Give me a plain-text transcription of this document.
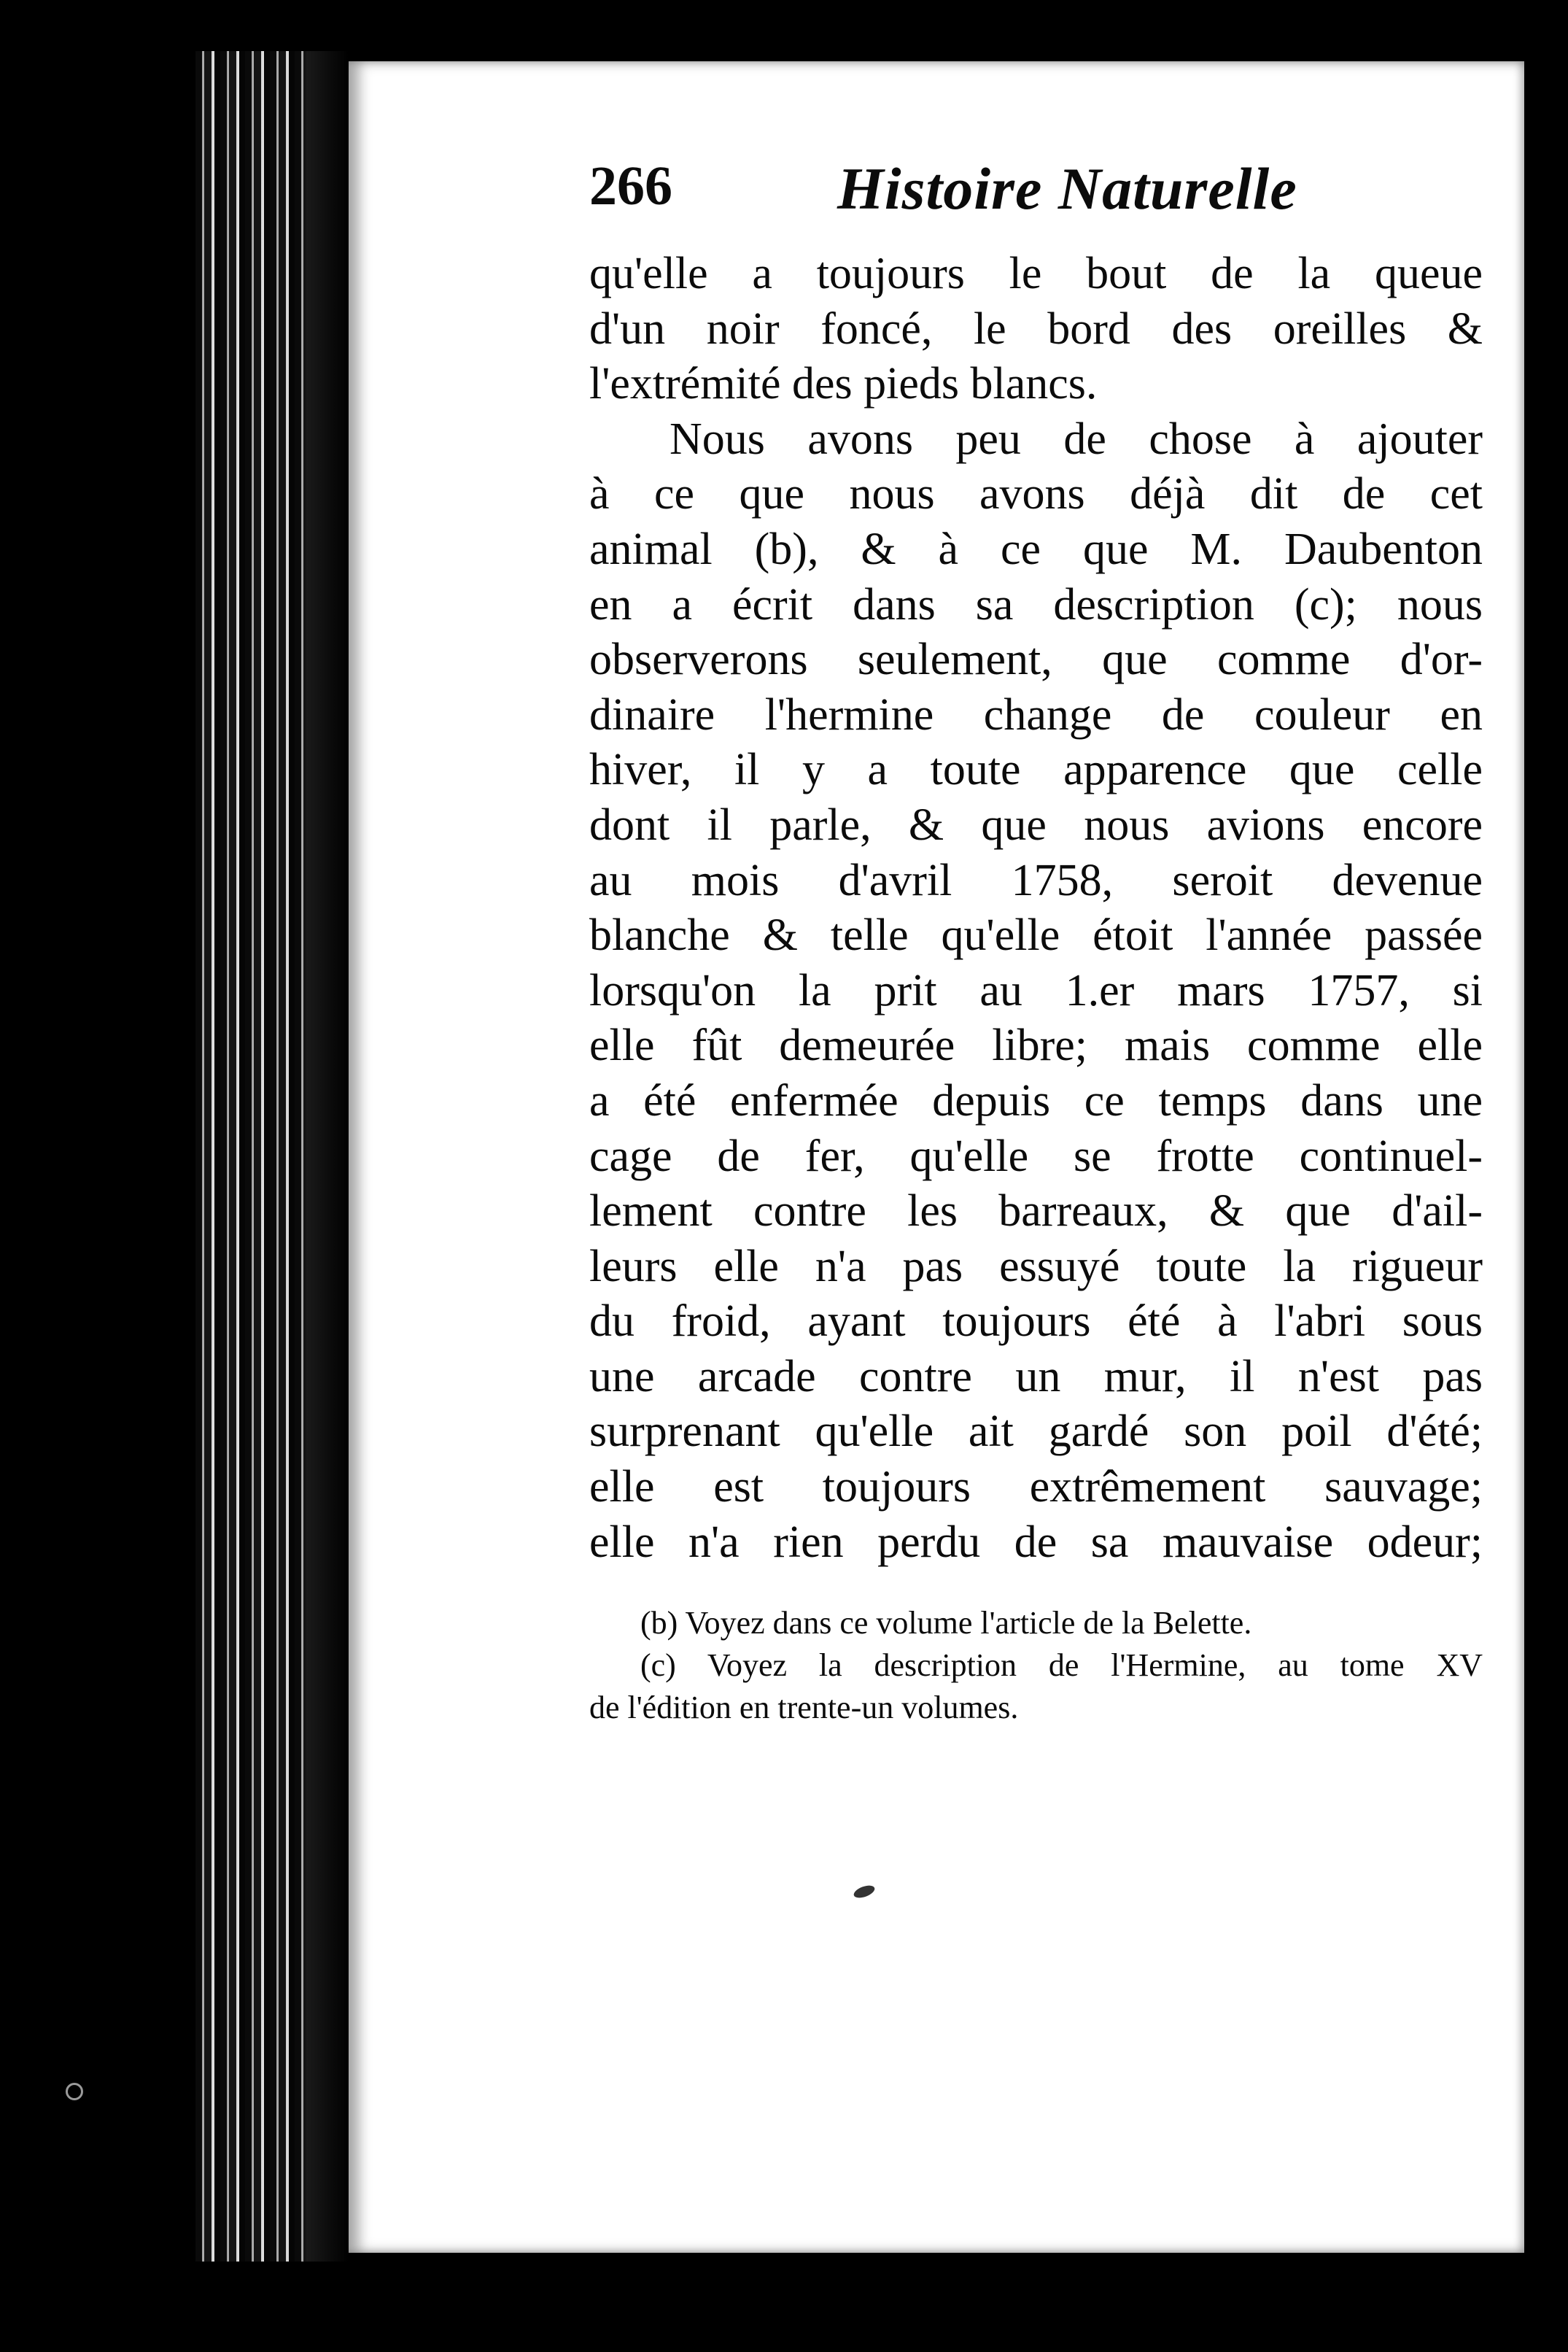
266	Histoire Naturelle
qu'elle a toujours le bout de la queue
d'un noir foncé, le bord des oreilles &
l'extrémité des pieds blancs.
Nous avons peu de chose à ajouter
à ce que nous avons déjà dit de cet
animal (b), & à ce que M. Daubenton
en a écrit dans sa description (c); nous
observerons seulement, que comme d'or-
dinaire l'hermine change de couleur en
hiver, il y a toute apparence que celle
dont il parle, & que nous avions encore
au mois d'avril 1758, seroit devenue
blanche & telle qu'elle étoit l'année passée
lorsqu'on la prit au 1.er mars 1757, si
elle fût demeurée libre; mais comme elle
a été enfermée depuis ce temps dans une
cage de fer, qu'elle se frotte continuel-
lement contre les barreaux, & que d'ail-
leurs elle n'a pas essuyé toute la rigueur
du froid, ayant toujours été à l'abri sous
une arcade contre un mur, il n'est pas
surprenant qu'elle ait gardé son poil d'été;
elle est toujours extrêmement sauvage;
elle n'a rien perdu de sa mauvaise odeur;
(b) Voyez dans ce volume l'article de la Belette.
(c) Voyez la description de l'Hermine, au tome XV
de l'édition en trente-un volumes.
